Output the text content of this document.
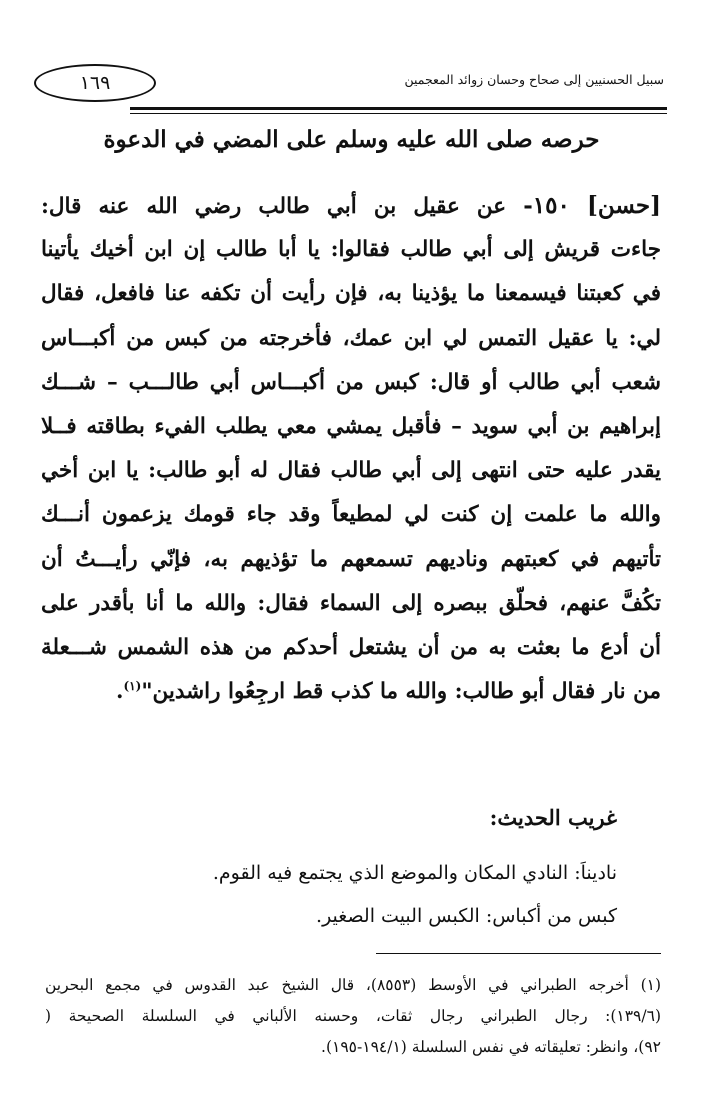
١٦٩	سبيل الحسنيين إلى صحاح وحسان زوائد المعجمين
حرصه صلى الله عليه وسلم على المضي في الدعوة
[حسن] ١٥٠- عن عقيل بن أبي طالب رضي الله عنه قال:
جاءت قريش إلى أبي طالب فقالوا: يا أبا طالب إن ابن أخيك يأتينا
في كعبتنا فيسمعنا ما يؤذينا به، فإن رأيت أن تكفه عنا فافعل، فقال
لي: يا عقيل التمس لي ابن عمك، فأخرجته من كبس من أكبـــاس
شعب أبي طالب أو قال: كبس من أكبـــاس أبي طالـــب – شـــك
إبراهيم بن أبي سويد – فأقبل يمشي معي يطلب الفيء بطاقته فــلا
يقدر عليه حتى انتهى إلى أبي طالب فقال له أبو طالب: يا ابن أخي
والله ما علمت إن كنت لي لمطيعاً وقد جاء قومك يزعمون أنـــك
تأتيهم في كعبتهم وناديهم تسمعهم ما تؤذيهم به، فإنّي رأيـــتُ أن
تكُفَّ عنهم، فحلّق ببصره إلى السماء فقال: والله ما أنا بأقدر على
أن أدع ما بعثت به من أن يشتعل أحدكم من هذه الشمس شـــعلة
من نار فقال أبو طالب: والله ما كذب قط ارجِعُوا راشدين"$^{(١)}$.
غريب الحديث:
ناديناَ: النادي المكان والموضع الذي يجتمع فيه القوم.
كبس من أكباس: الكبس البيت الصغير.
(١) أخرجه الطبراني في الأوسط (٨٥٥٣)، قال الشيخ عبد القدوس في مجمع البحرين
(١٣٩/٦): رجال الطبراني رجال ثقات، وحسنه الألباني في السلسلة الصحيحة (
٩٢)، وانظر: تعليقاته في نفس السلسلة (١٩٤/١-١٩٥).
